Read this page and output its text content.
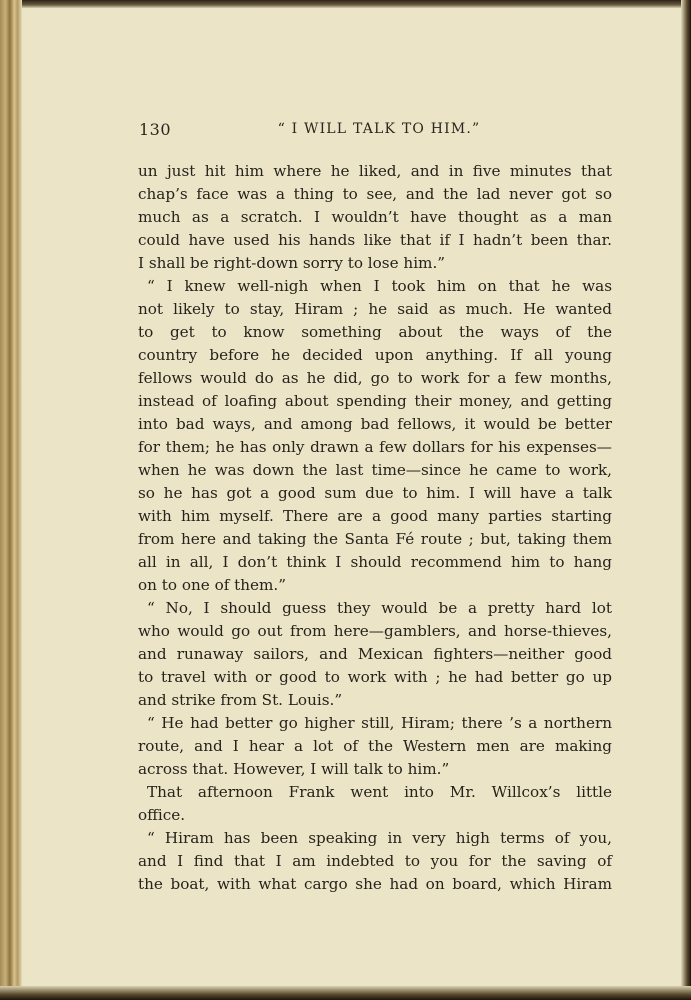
130	“ I WILL TALK TO HIM.”
un just hit him where he liked, and in five minutes that
chap’s face was a thing to see, and the lad never got so
much as a scratch. I wouldn’t have thought as a man
could have used his hands like that if I hadn’t been thar.
I shall be right-down sorry to lose him.”
“ I knew well-nigh when I took him on that he was
not likely to stay, Hiram ; he said as much. He wanted
to get to know something about the ways of the
country before he decided upon anything. If all young
fellows would do as he did, go to work for a few months,
instead of loafing about spending their money, and getting
into bad ways, and among bad fellows, it would be better
for them; he has only drawn a few dollars for his expenses—
when he was down the last time—since he came to work,
so he has got a good sum due to him. I will have a talk
with him myself. There are a good many parties starting
from here and taking the Santa Fé route ; but, taking them
all in all, I don’t think I should recommend him to hang
on to one of them.”
“ No, I should guess they would be a pretty hard lot
who would go out from here—gamblers, and horse-thieves,
and runaway sailors, and Mexican fighters—neither good
to travel with or good to work with ; he had better go up
and strike from St. Louis.”
“ He had better go higher still, Hiram; there ’s a northern
route, and I hear a lot of the Western men are making
across that. However, I will talk to him.”
That afternoon Frank went into Mr. Willcox’s little
office.
“ Hiram has been speaking in very high terms of you,
and I find that I am indebted to you for the saving of
the boat, with what cargo she had on board, which Hiram
